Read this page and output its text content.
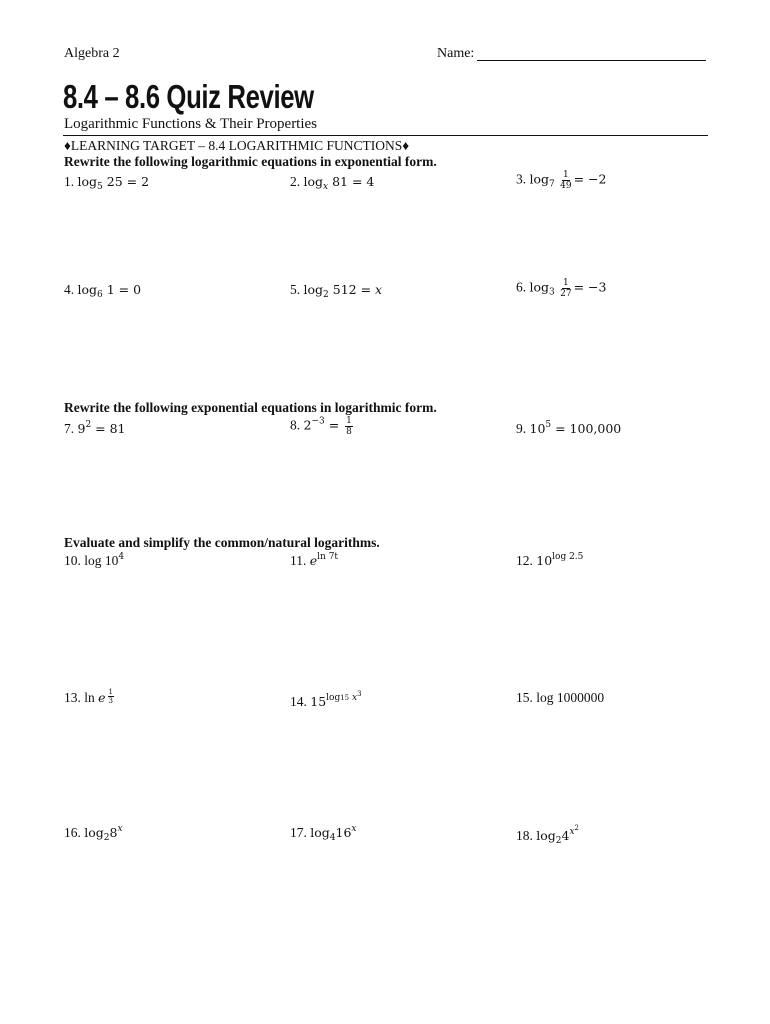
Algebra 2	Name:
8.4 – 8.6 Quiz Review
Logarithmic Functions & Their Properties
♦LEARNING TARGET – 8.4 LOGARITHMIC FUNCTIONS♦
Rewrite the following logarithmic equations in exponential form.
Rewrite the following exponential equations in logarithmic form.
Evaluate and simplify the common/natural logarithms.
1. $\log_5 25 = 2$	2. $\log_x 81 = 4$	3. $\log_7 \frac{1}{49} = -2$
4. $\log_6 1 = 0$	5. $\log_2 512 = x$	6. $\log_3 \frac{1}{27} = -3$
7. $9^2 = 81$	8. $2^{-3} = \frac{1}{8}$	9. $10^5 = 100,000$
10. $\log 10^4$	11. $e^{ln 7t}$	12. $10^{log 2.5}$
13. ln e $\frac{1}{3}$	14. $15^{log15 x^3}$	15. log 1000000
16. $\log_28^x$	17. $\log_416^x$	18. $\log_24^{x^2}$
